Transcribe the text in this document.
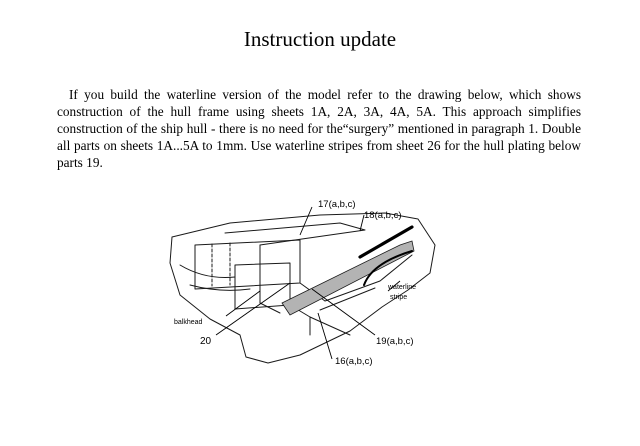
Instruction update

If you build the waterline version of the model refer to the drawing below, which shows construction of the hull frame using sheets 1A, 2A, 3A, 4A, 5A. This approach simplifies construction of the ship hull - there is no need for the“surgery” mentioned in paragraph 1. Double all parts on sheets 1A...5A to 1mm. Use waterline stripes from sheet 26 for the hull plating below parts 19.

17(a,b,c)
18(a,b,c)
waterline
stripe
balkhead
20	19(a,b,c)
16(a,b,c)
